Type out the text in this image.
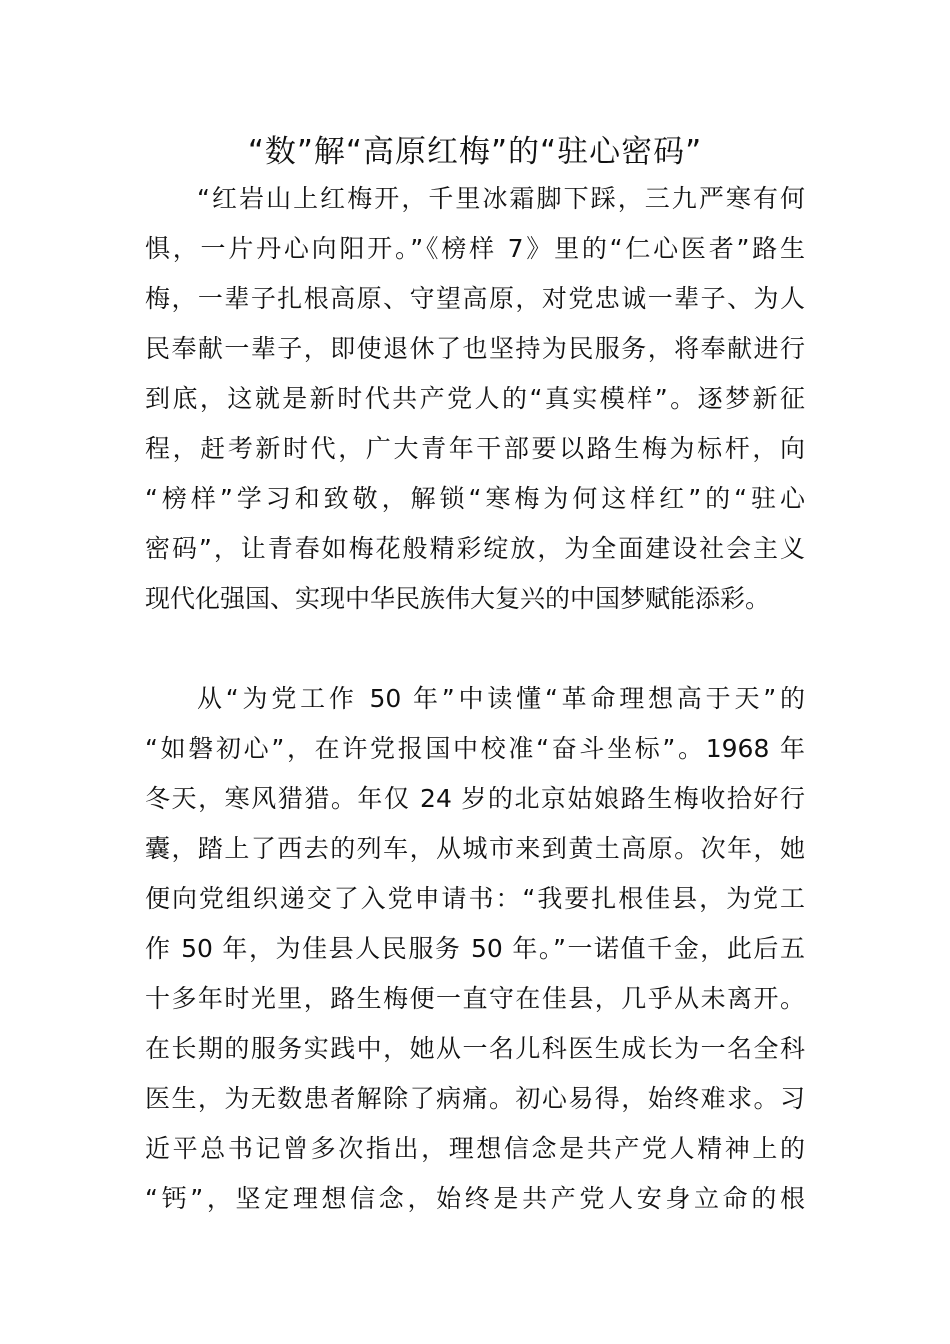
“数”解“高原红梅”的“驻心密码”
“红岩山上红梅开，千里冰霜脚下踩，三九严寒有何
惧，一片丹心向阳开。”《榜样 7》里的“仁心医者”路生
梅，一辈子扎根高原、守望高原，对党忠诚一辈子、为人
民奉献一辈子，即使退休了也坚持为民服务，将奉献进行
到底，这就是新时代共产党人的“真实模样”。逐梦新征
程，赶考新时代，广大青年干部要以路生梅为标杆，向
“榜样”学习和致敬，解锁“寒梅为何这样红”的“驻心
密码”，让青春如梅花般精彩绽放，为全面建设社会主义
现代化强国、实现中华民族伟大复兴的中国梦赋能添彩。
从“为党工作 50 年”中读懂“革命理想高于天”的
“如磐初心”，在许党报国中校准“奋斗坐标”。1968 年
冬天，寒风猎猎。年仅 24 岁的北京姑娘路生梅收拾好行
囊，踏上了西去的列车，从城市来到黄土高原。次年，她
便向党组织递交了入党申请书：“我要扎根佳县，为党工
作 50 年，为佳县人民服务 50 年。”一诺值千金，此后五
十多年时光里，路生梅便一直守在佳县，几乎从未离开。
在长期的服务实践中，她从一名儿科医生成长为一名全科
医生，为无数患者解除了病痛。初心易得，始终难求。习
近平总书记曾多次指出，理想信念是共产党人精神上的
“钙”，坚定理想信念，始终是共产党人安身立命的根
